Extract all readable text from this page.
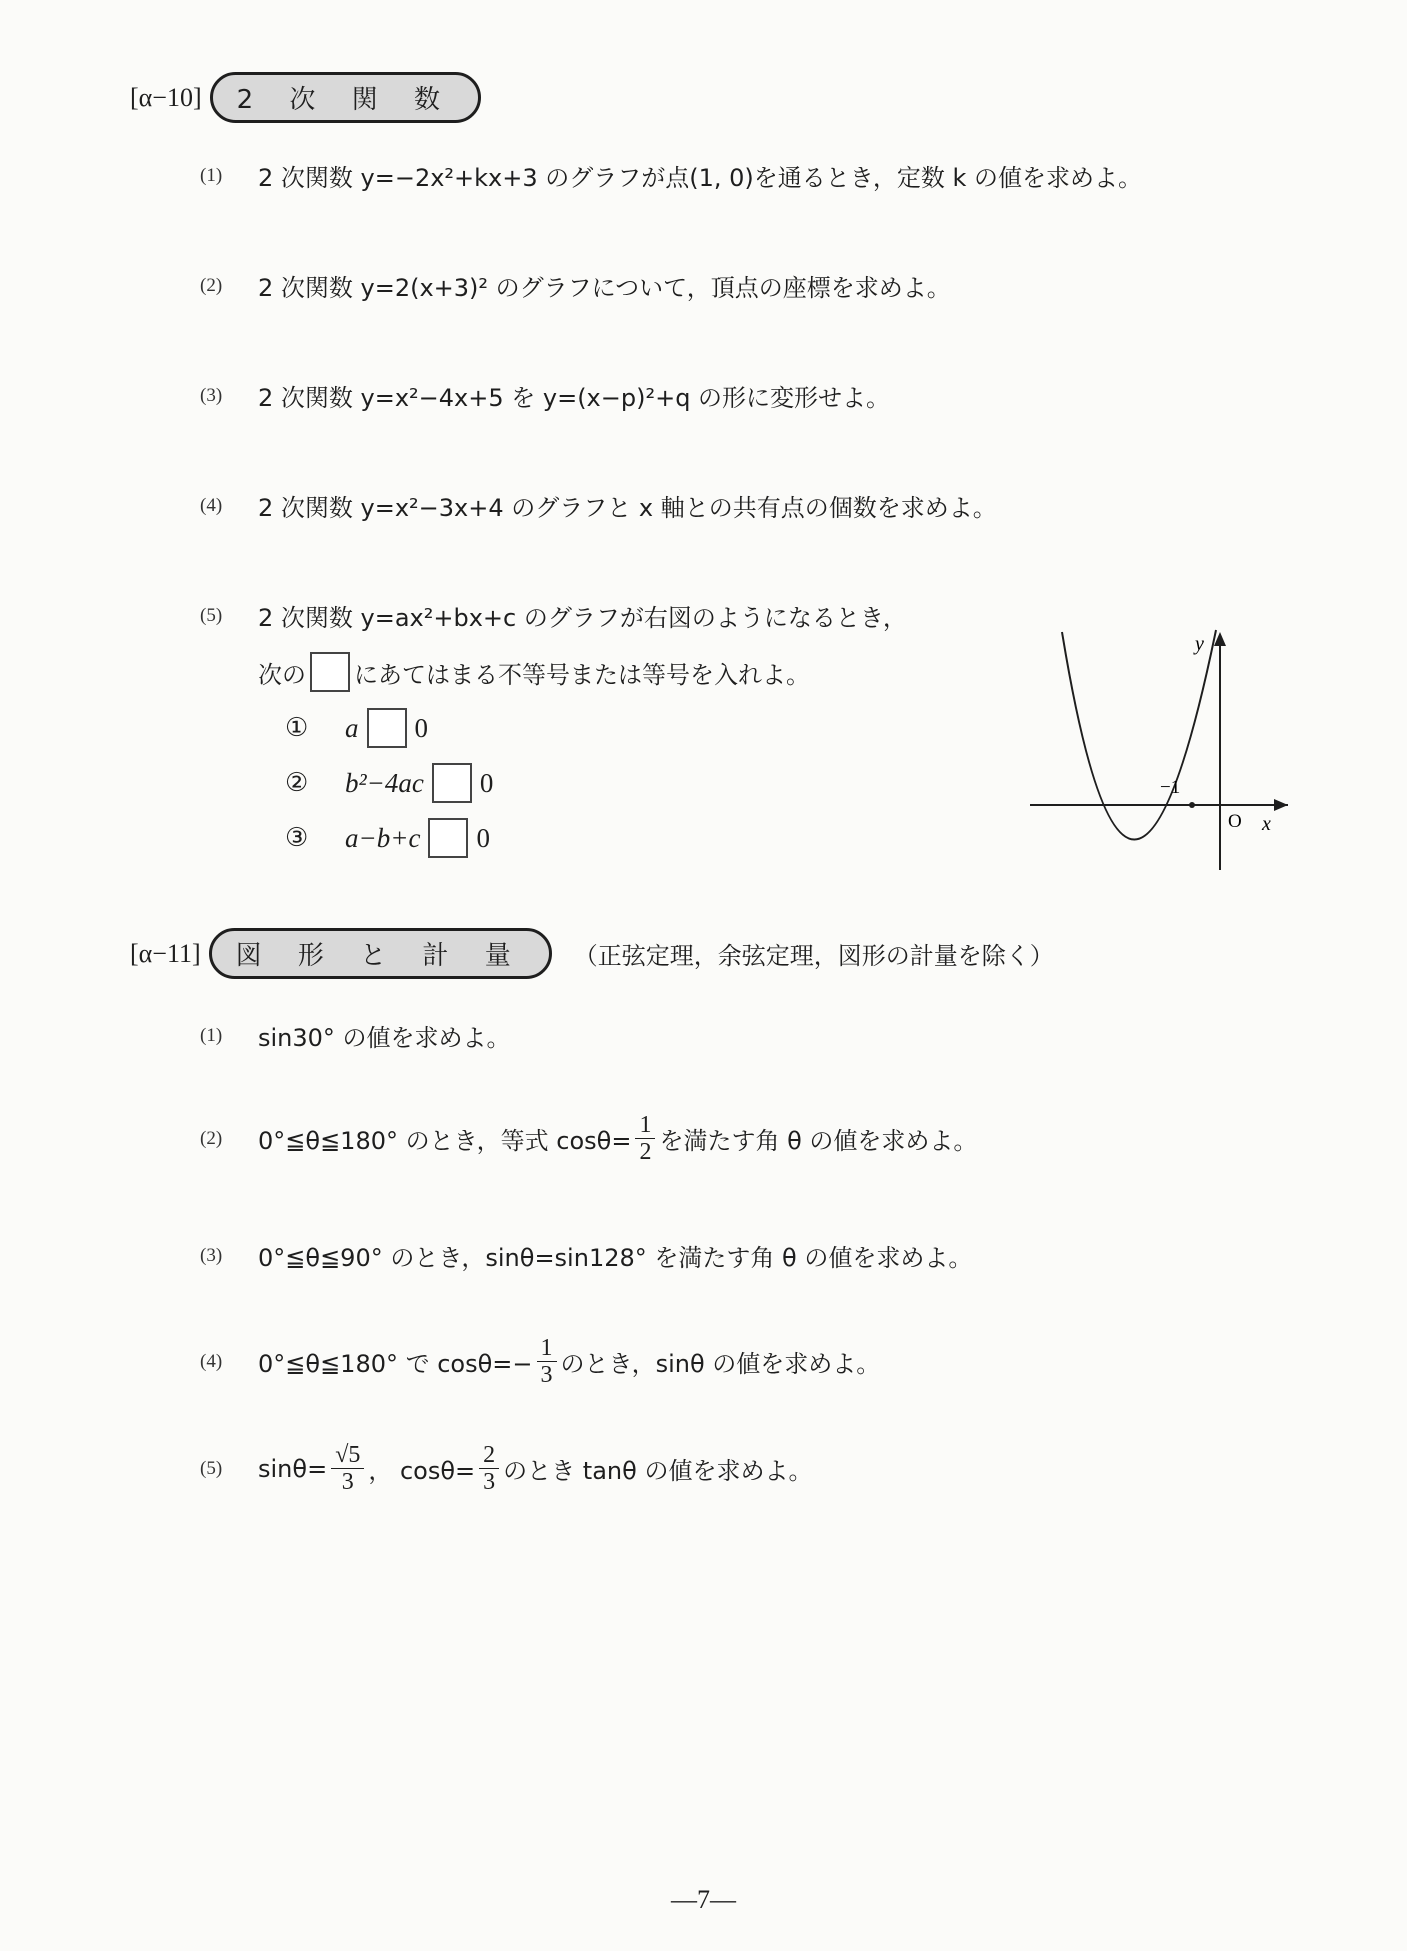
[α−10]	2 次 関 数
(1)	2 次関数 y=−2x²+kx+3 のグラフが点(1, 0)を通るとき，定数 k の値を求めよ。
(2)	2 次関数 y=2(x+3)² のグラフについて，頂点の座標を求めよ。
(3)	2 次関数 y=x²−4x+5 を y=(x−p)²+q の形に変形せよ。
(4)	2 次関数 y=x²−3x+4 のグラフと x 軸との共有点の個数を求めよ。
(5)	2 次関数 y=ax²+bx+c のグラフが右図のようになるとき，
次の にあてはまる不等号または等号を入れよ。
①	a 0
②	b²−4ac 0
③	a−b+c 0
y
x
O
−1
[α−11]	図 形 と 計 量	（正弦定理，余弦定理，図形の計量を除く）
(1)	sin30° の値を求めよ。
(2)	0°≦θ≦180° のとき，等式 $\cos\theta= \frac{1}{2}$ を満たす角 θ の値を求めよ。
(3)	0°≦θ≦90° のとき，sinθ=sin128° を満たす角 θ の値を求めよ。
(4)	0°≦θ≦180° で $\cos\theta=- \frac{1}{3}$ のとき，sinθ の値を求めよ。
(5)	$\sin\theta= \frac{√5}{3}$ ， $\cos\theta= \frac{2}{3}$ のとき tanθ の値を求めよ。
—7—
